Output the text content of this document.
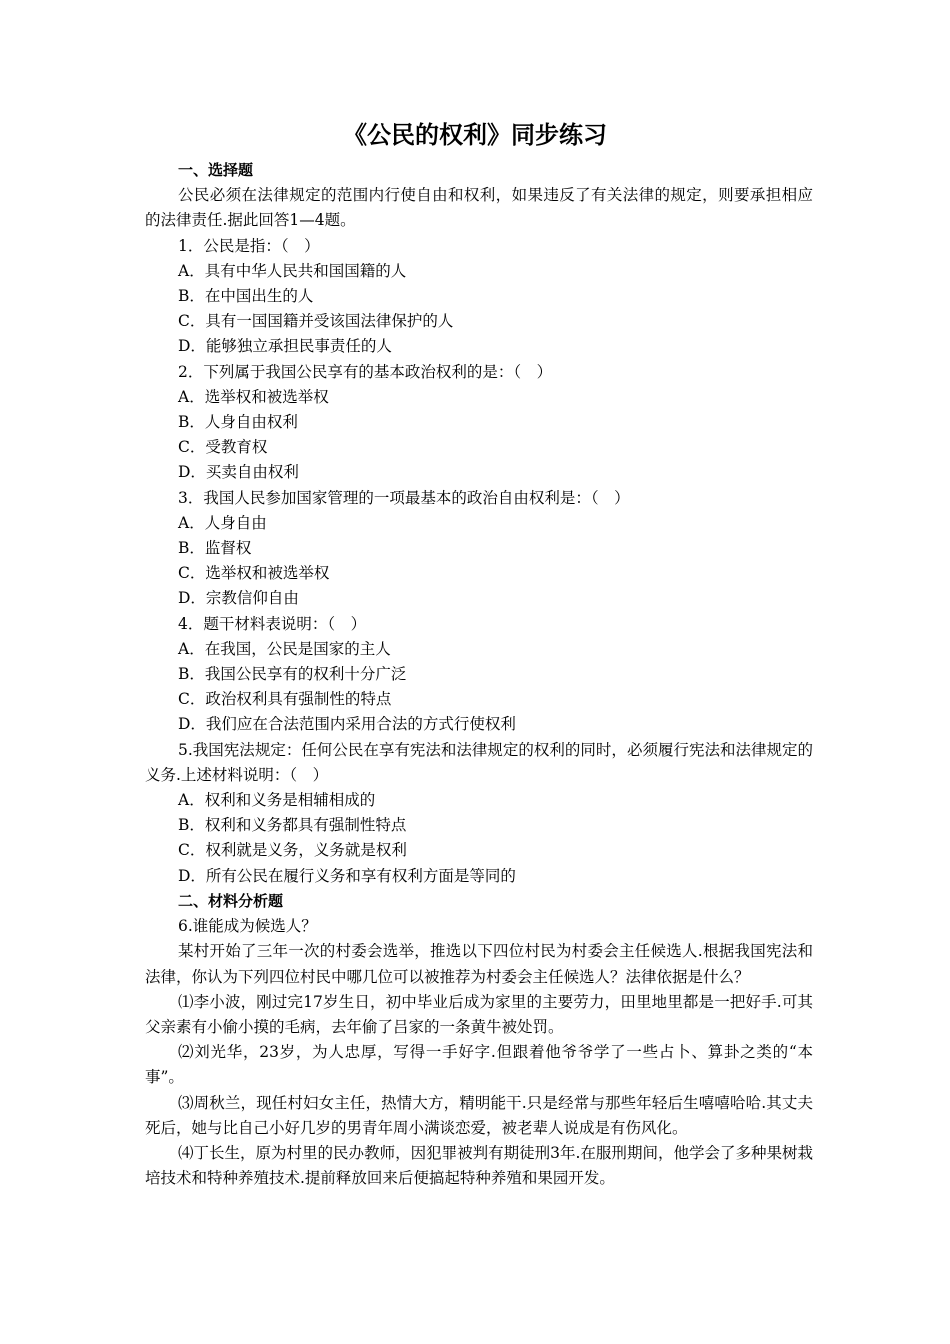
《公民的权利》同步练习
一、选择题
公民必须在法律规定的范围内行使自由和权利，如果违反了有关法律的规定，则要承担相应的法律责任.据此回答1—4题。
1．公民是指：（　）
A．具有中华人民共和国国籍的人
B．在中国出生的人
C．具有一国国籍并受该国法律保护的人
D．能够独立承担民事责任的人
2．下列属于我国公民享有的基本政治权利的是：（　）
A．选举权和被选举权
B．人身自由权利
C．受教育权
D．买卖自由权利
3．我国人民参加国家管理的一项最基本的政治自由权利是：（　）
A．人身自由
B．监督权
C．选举权和被选举权
D．宗教信仰自由
4．题干材料表说明：（　）
A．在我国，公民是国家的主人
B．我国公民享有的权利十分广泛
C．政治权利具有强制性的特点
D．我们应在合法范围内采用合法的方式行使权利
5.我国宪法规定：任何公民在享有宪法和法律规定的权利的同时，必须履行宪法和法律规定的义务.上述材料说明：（　）
A．权利和义务是相辅相成的
B．权利和义务都具有强制性特点
C．权利就是义务，义务就是权利
D．所有公民在履行义务和享有权利方面是等同的
二、材料分析题
6.谁能成为候选人？
某村开始了三年一次的村委会选举，推选以下四位村民为村委会主任候选人.根据我国宪法和法律，你认为下列四位村民中哪几位可以被推荐为村委会主任候选人？法律依据是什么？
⑴李小波，刚过完17岁生日，初中毕业后成为家里的主要劳力，田里地里都是一把好手.可其父亲素有小偷小摸的毛病，去年偷了吕家的一条黄牛被处罚。
⑵刘光华，23岁，为人忠厚，写得一手好字.但跟着他爷爷学了一些占卜、算卦之类的“本事”。
⑶周秋兰，现任村妇女主任，热情大方，精明能干.只是经常与那些年轻后生嘻嘻哈哈.其丈夫死后，她与比自己小好几岁的男青年周小满谈恋爱，被老辈人说成是有伤风化。
⑷丁长生，原为村里的民办教师，因犯罪被判有期徒刑3年.在服刑期间，他学会了多种果树栽培技术和特种养殖技术.提前释放回来后便搞起特种养殖和果园开发。
